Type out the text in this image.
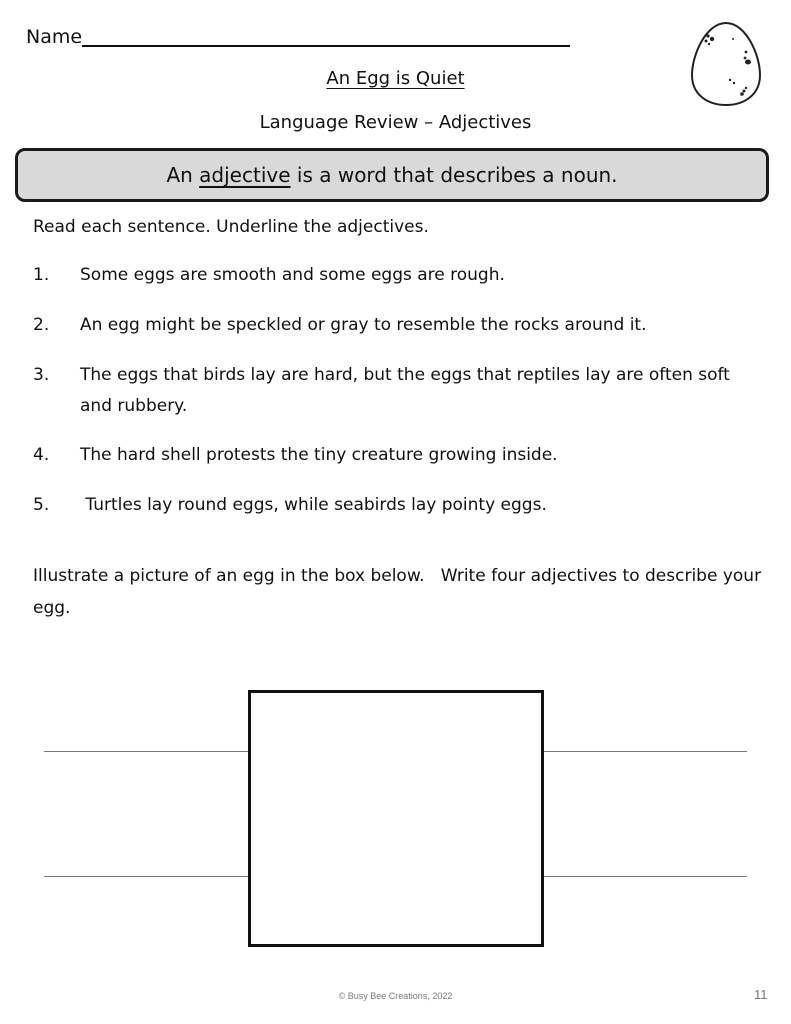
Name
An Egg is Quiet
Language Review – Adjectives
An adjective is a word that describes a noun.
Read each sentence. Underline the adjectives.
1. Some eggs are smooth and some eggs are rough.
2. An egg might be speckled or gray to resemble the rocks around it.
3. The eggs that birds lay are hard, but the eggs that reptiles lay are often soft and rubbery.
4. The hard shell protests the tiny creature growing inside.
5. Turtles lay round eggs, while seabirds lay pointy eggs.
Illustrate a picture of an egg in the box below.   Write four adjectives to describe your egg.
© Busy Bee Creations, 2022	11
